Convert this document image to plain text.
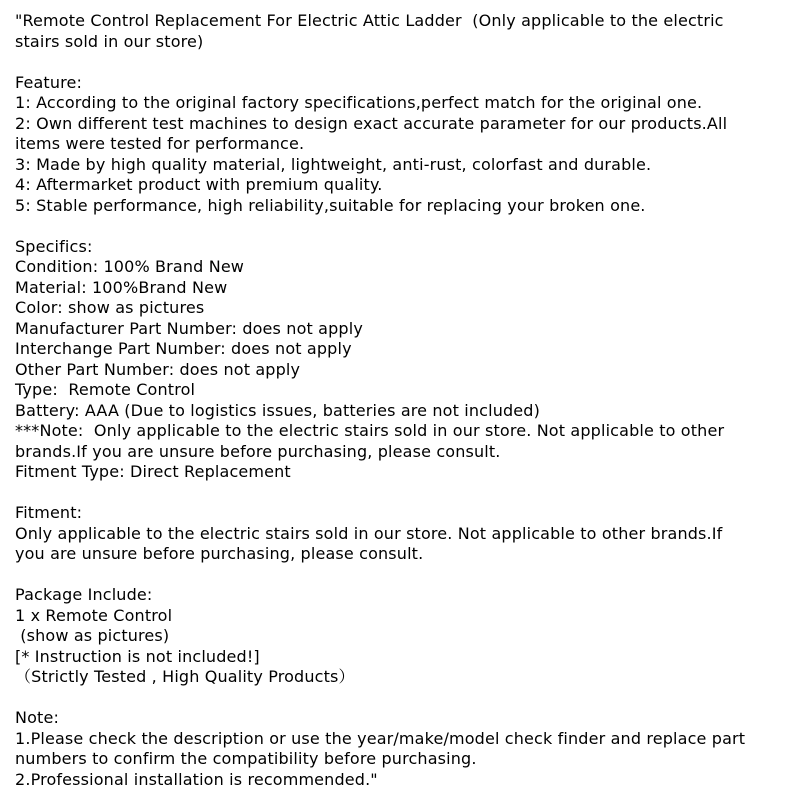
"Remote Control Replacement For Electric Attic Ladder  (Only applicable to the electric
stairs sold in our store)
Feature:
1: According to the original factory specifications,perfect match for the original one.
2: Own different test machines to design exact accurate parameter for our products.All
items were tested for performance.
3: Made by high quality material, lightweight, anti-rust, colorfast and durable.
4: Aftermarket product with premium quality.
5: Stable performance, high reliability,suitable for replacing your broken one.
Specifics:
Condition: 100% Brand New
Material: 100%Brand New
Color: show as pictures
Manufacturer Part Number: does not apply
Interchange Part Number: does not apply
Other Part Number: does not apply
Type:  Remote Control
Battery: AAA (Due to logistics issues, batteries are not included)
***Note:  Only applicable to the electric stairs sold in our store. Not applicable to other
brands.If you are unsure before purchasing, please consult.
Fitment Type: Direct Replacement
Fitment:
Only applicable to the electric stairs sold in our store. Not applicable to other brands.If
you are unsure before purchasing, please consult.
Package Include:
1 x Remote Control
(show as pictures)
[* Instruction is not included!]
（Strictly Tested , High Quality Products）
Note:
1.Please check the description or use the year/make/model check finder and replace part
numbers to confirm the compatibility before purchasing.
2.Professional installation is recommended."
